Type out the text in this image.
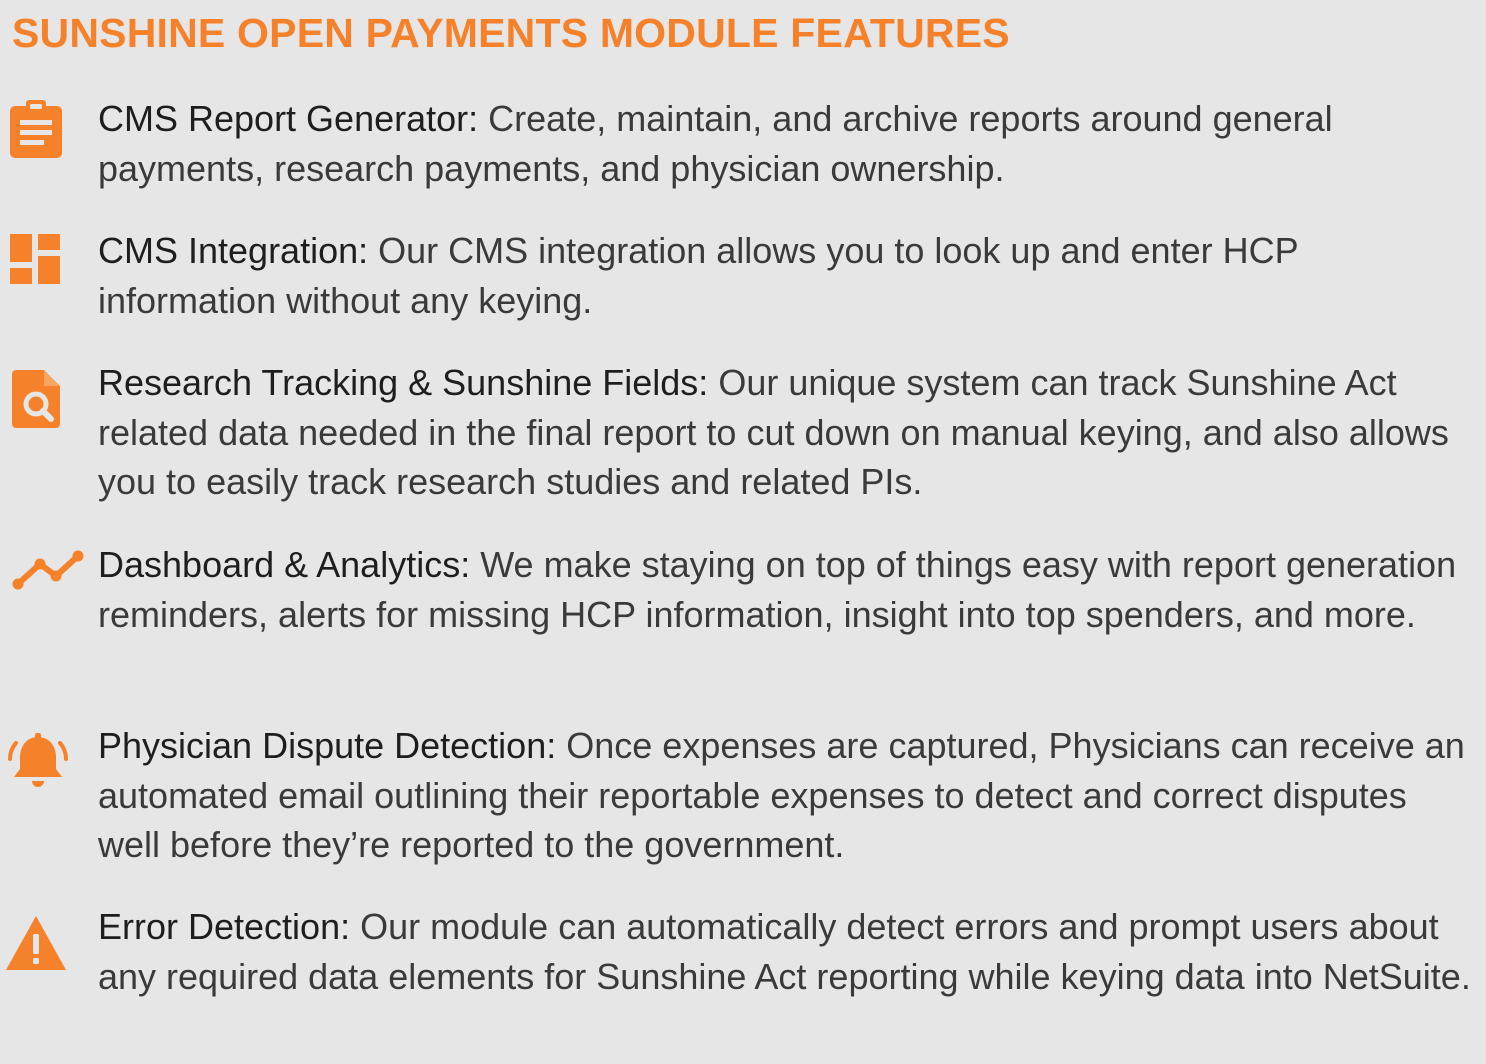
SUNSHINE OPEN PAYMENTS MODULE FEATURES

CMS Report Generator: Create, maintain, and archive reports around general payments, research payments, and physician ownership.

CMS Integration: Our CMS integration allows you to look up and enter HCP information without any keying.

Research Tracking & Sunshine Fields: Our unique system can track Sunshine Act related data needed in the final report to cut down on manual keying, and also allows you to easily track research studies and related PIs.

Dashboard & Analytics: We make staying on top of things easy with report generation reminders, alerts for missing HCP information, insight into top spenders, and more.

Physician Dispute Detection: Once expenses are captured, Physicians can receive an automated email outlining their reportable expenses to detect and correct disputes well before they’re reported to the government.

Error Detection: Our module can automatically detect errors and prompt users about any required data elements for Sunshine Act reporting while keying data into NetSuite.
